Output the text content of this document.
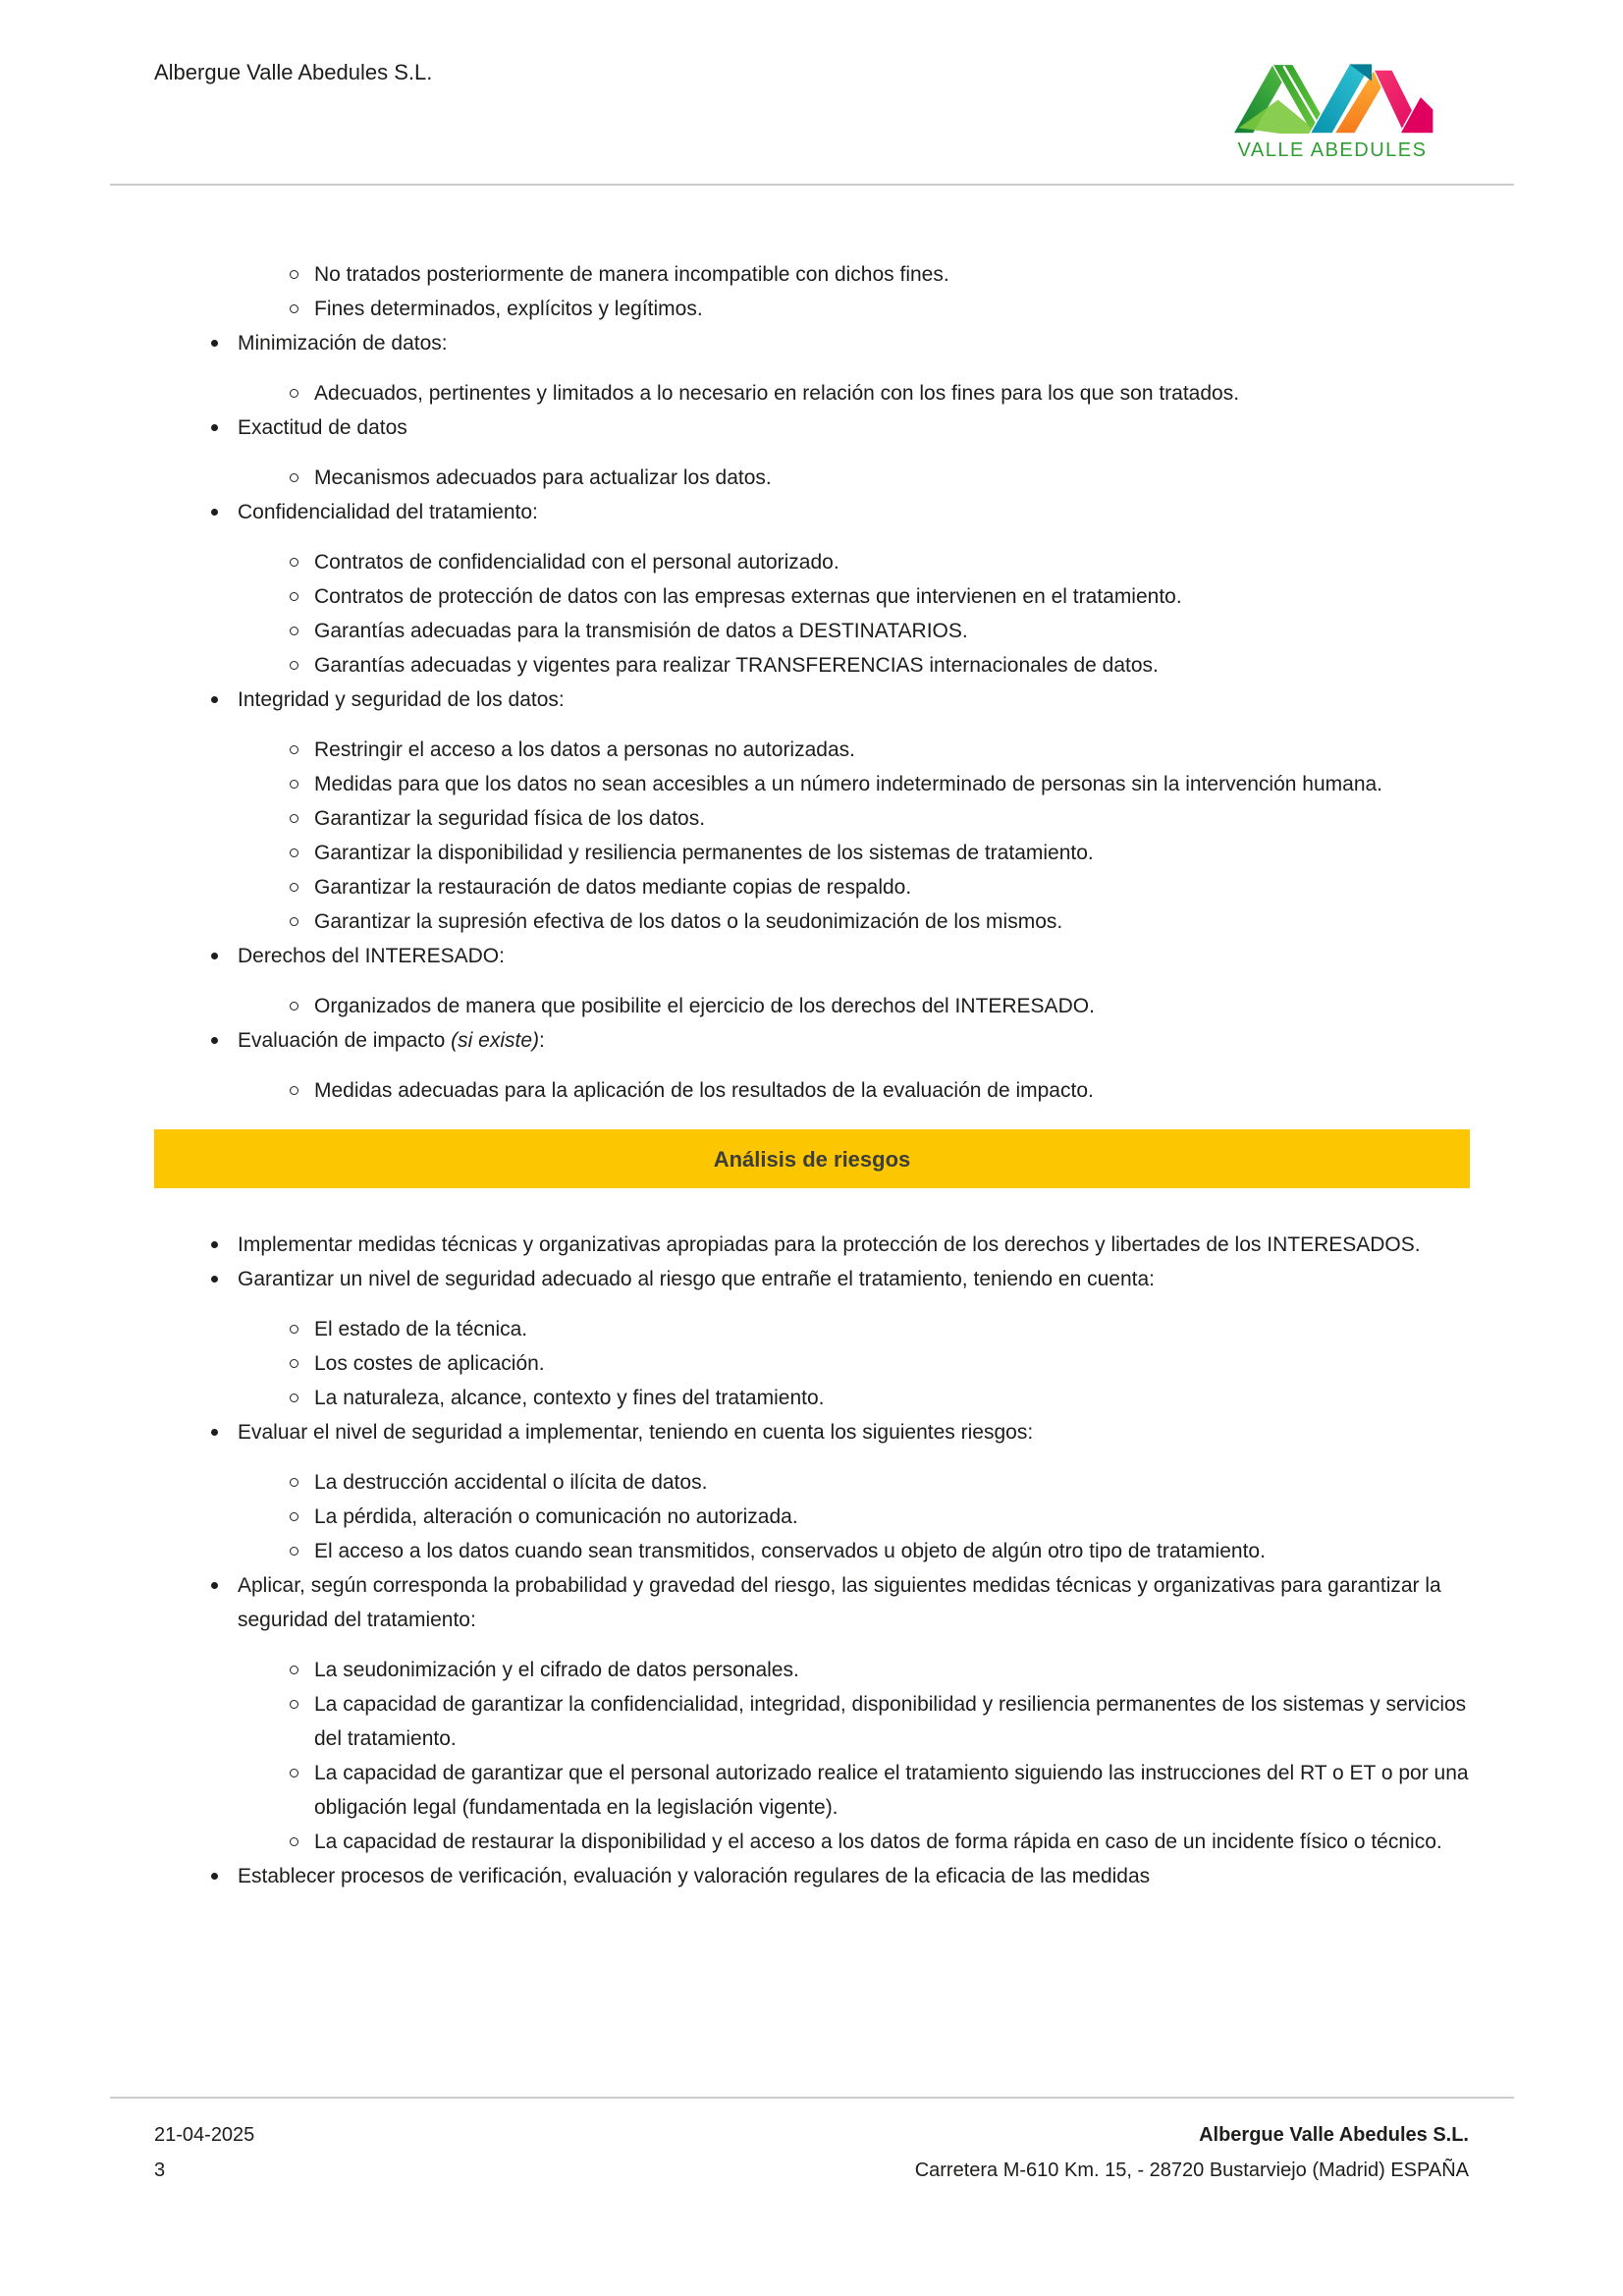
Albergue Valle Abedules S.L.
VALLE ABEDULES
No tratados posteriormente de manera incompatible con dichos fines.
Fines determinados, explícitos y legítimos.
Minimización de datos:
Adecuados, pertinentes y limitados a lo necesario en relación con los fines para los que son tratados.
Exactitud de datos
Mecanismos adecuados para actualizar los datos.
Confidencialidad del tratamiento:
Contratos de confidencialidad con el personal autorizado.
Contratos de protección de datos con las empresas externas que intervienen en el tratamiento.
Garantías adecuadas para la transmisión de datos a DESTINATARIOS.
Garantías adecuadas y vigentes para realizar TRANSFERENCIAS internacionales de datos.
Integridad y seguridad de los datos:
Restringir el acceso a los datos a personas no autorizadas.
Medidas para que los datos no sean accesibles a un número indeterminado de personas sin la intervención humana.
Garantizar la seguridad física de los datos.
Garantizar la disponibilidad y resiliencia permanentes de los sistemas de tratamiento.
Garantizar la restauración de datos mediante copias de respaldo.
Garantizar la supresión efectiva de los datos o la seudonimización de los mismos.
Derechos del INTERESADO:
Organizados de manera que posibilite el ejercicio de los derechos del INTERESADO.
Evaluación de impacto (si existe):
Medidas adecuadas para la aplicación de los resultados de la evaluación de impacto.
Análisis de riesgos
Implementar medidas técnicas y organizativas apropiadas para la protección de los derechos y libertades de los INTERESADOS.
Garantizar un nivel de seguridad adecuado al riesgo que entrañe el tratamiento, teniendo en cuenta:
El estado de la técnica.
Los costes de aplicación.
La naturaleza, alcance, contexto y fines del tratamiento.
Evaluar el nivel de seguridad a implementar, teniendo en cuenta los siguientes riesgos:
La destrucción accidental o ilícita de datos.
La pérdida, alteración o comunicación no autorizada.
El acceso a los datos cuando sean transmitidos, conservados u objeto de algún otro tipo de tratamiento.
Aplicar, según corresponda la probabilidad y gravedad del riesgo, las siguientes medidas técnicas y organizativas para garantizar la seguridad del tratamiento:
La seudonimización y el cifrado de datos personales.
La capacidad de garantizar la confidencialidad, integridad, disponibilidad y resiliencia permanentes de los sistemas y servicios del tratamiento.
La capacidad de garantizar que el personal autorizado realice el tratamiento siguiendo las instrucciones del RT o ET o por una obligación legal (fundamentada en la legislación vigente).
La capacidad de restaurar la disponibilidad y el acceso a los datos de forma rápida en caso de un incidente físico o técnico.
Establecer procesos de verificación, evaluación y valoración regulares de la eficacia de las medidas
21-04-2025
3
Albergue Valle Abedules S.L.
Carretera M-610 Km. 15, - 28720 Bustarviejo (Madrid) ESPAÑA
